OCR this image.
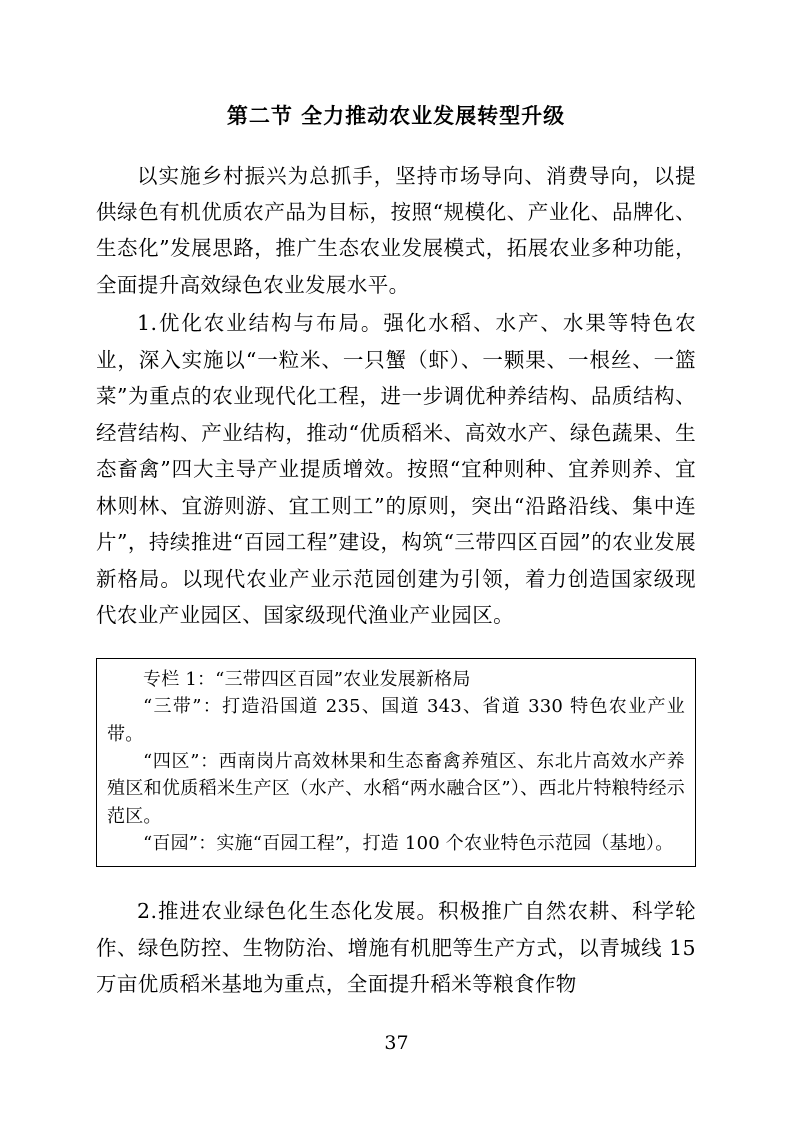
第二节 全力推动农业发展转型升级

以实施乡村振兴为总抓手，坚持市场导向、消费导向，以提供绿色有机优质农产品为目标，按照“规模化、产业化、品牌化、生态化”发展思路，推广生态农业发展模式，拓展农业多种功能，全面提升高效绿色农业发展水平。

1.优化农业结构与布局。强化水稻、水产、水果等特色农业，深入实施以“一粒米、一只蟹（虾）、一颗果、一根丝、一篮菜”为重点的农业现代化工程，进一步调优种养结构、品质结构、经营结构、产业结构，推动“优质稻米、高效水产、绿色蔬果、生态畜禽”四大主导产业提质增效。按照“宜种则种、宜养则养、宜林则林、宜游则游、宜工则工”的原则，突出“沿路沿线、集中连片”，持续推进“百园工程”建设，构筑“三带四区百园”的农业发展新格局。以现代农业产业示范园创建为引领，着力创造国家级现代农业产业园区、国家级现代渔业产业园区。

专栏 1：“三带四区百园”农业发展新格局

“三带”：打造沿国道 235、国道 343、省道 330 特色农业产业带。

“四区”：西南岗片高效林果和生态畜禽养殖区、东北片高效水产养殖区和优质稻米生产区（水产、水稻“两水融合区”）、西北片特粮特经示范区。

“百园”：实施“百园工程”，打造 100 个农业特色示范园（基地）。

2.推进农业绿色化生态化发展。积极推广自然农耕、科学轮作、绿色防控、生物防治、增施有机肥等生产方式，以青城线 15 万亩优质稻米基地为重点，全面提升稻米等粮食作物

37
